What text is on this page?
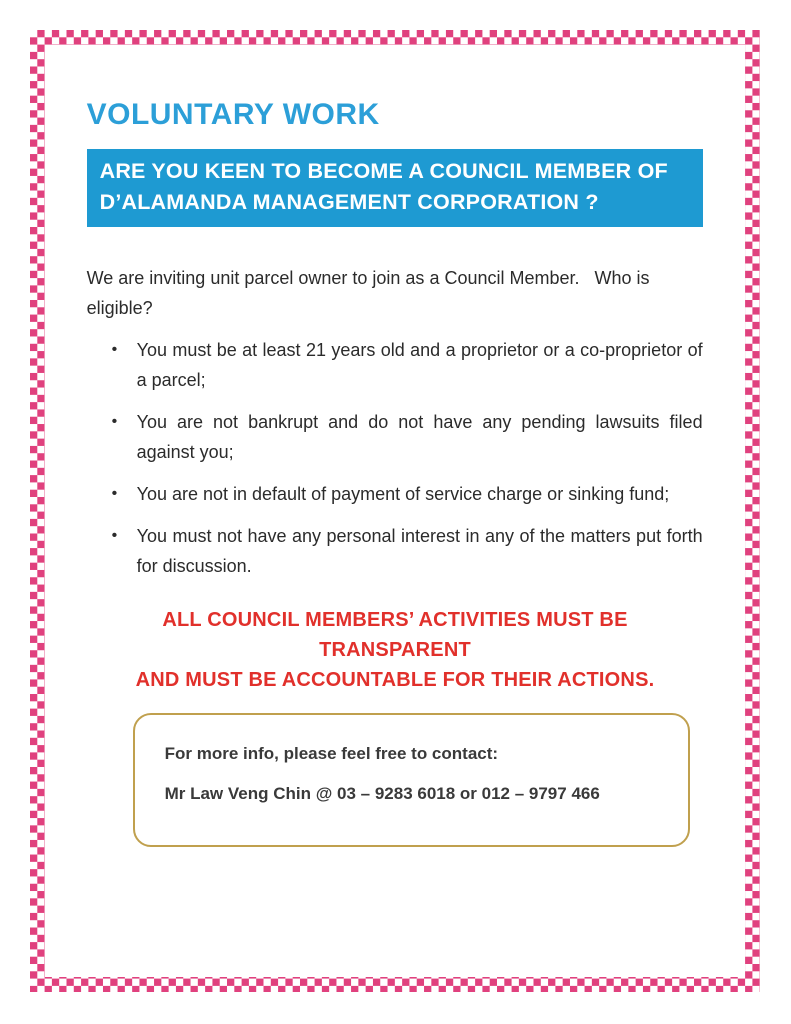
VOLUNTARY WORK
ARE YOU KEEN TO BECOME A COUNCIL MEMBER OF
D’ALAMANDA MANAGEMENT CORPORATION ?

We are inviting unit parcel owner to join as a Council Member.   Who is eligible?

•	You must be at least 21 years old and a proprietor or a co-proprietor of a parcel;
•	You are not bankrupt and do not have any pending lawsuits filed against you;
•	You are not in default of payment of service charge or sinking fund;
•	You must not have any personal interest in any of the matters put forth for discussion.
ALL COUNCIL MEMBERS’ ACTIVITIES MUST BE TRANSPARENT
AND MUST BE ACCOUNTABLE FOR THEIR ACTIONS.

For more info, please feel free to contact:

Mr Law Veng Chin @ 03 – 9283 6018 or 012 – 9797 466
